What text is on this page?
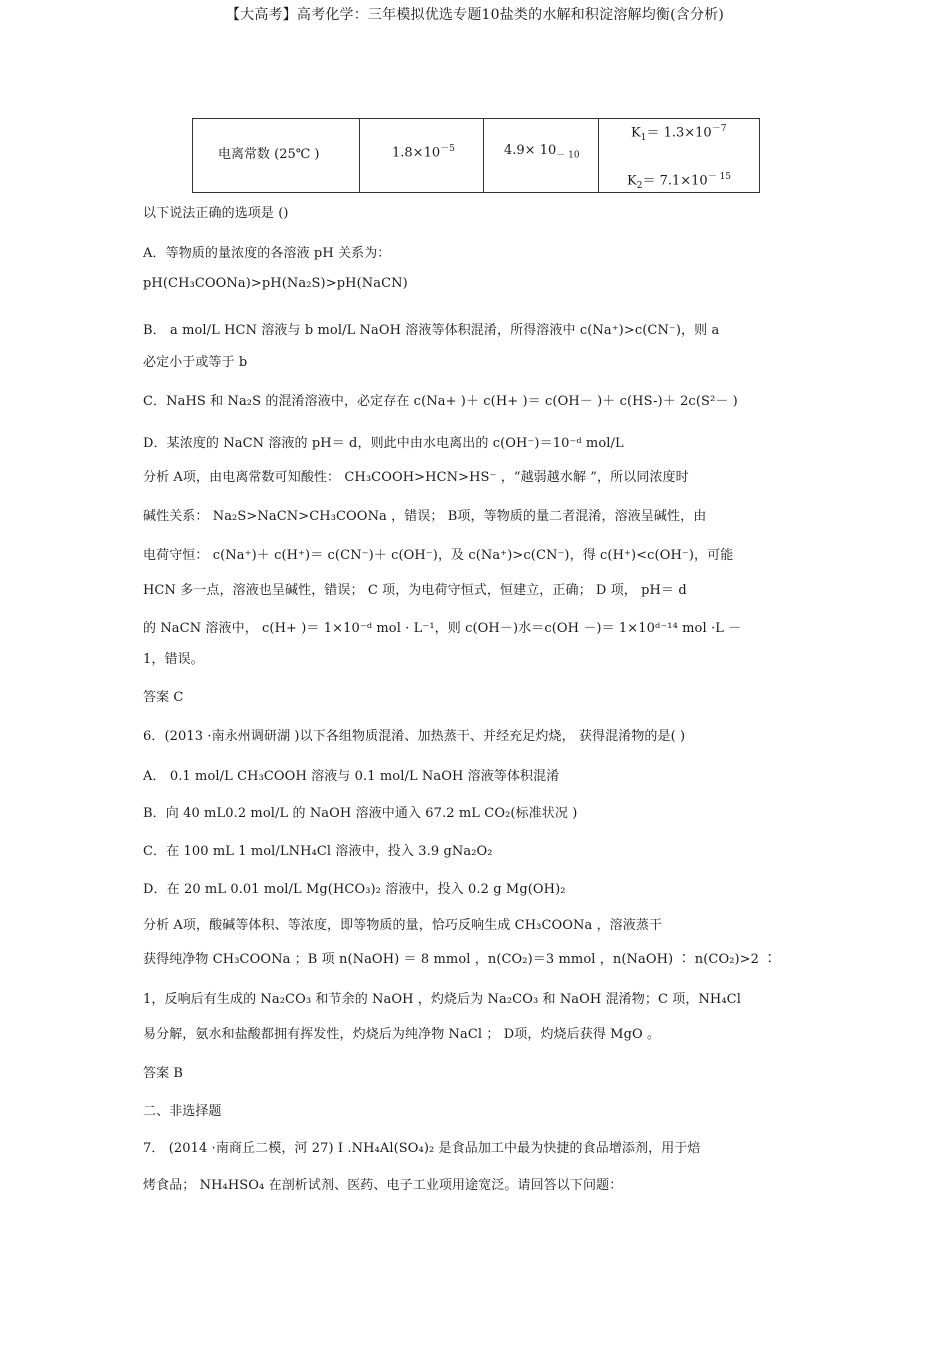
【大高考】高考化学：三年模拟优选专题10盐类的水解和积淀溶解均衡(含分析)
电离常数 (25℃ )	$1.8\times 10^{-5}$	$4.9\times 10_{- 10}$
$K_1= 1.3\times 10^{-7}$
$K_2= 7.1\times 10^{- 15}$
以下说法正确的选项是 ()
A．等物质的量浓度的各溶液 pH 关系为：
pH(CH₃COONa)>pH(Na₂S)>pH(NaCN)
B． a mol/L HCN 溶液与 b mol/L NaOH 溶液等体积混淆，所得溶液中 c(Na⁺)>c(CN⁻)，则 a
必定小于或等于 b
C．NaHS 和 Na₂S 的混淆溶液中，必定存在 c(Na+ )＋ c(H+ )＝ c(OH－ )＋ c(HS-)＋ 2c(S²－ )
D．某浓度的 NaCN 溶液的 pH＝ d，则此中由水电离出的 c(OH⁻)＝10⁻ᵈ mol/L
分析 A项，由电离常数可知酸性： CH₃COOH>HCN>HS⁻ ，“越弱越水解 ”，所以同浓度时
碱性关系： Na₂S>NaCN>CH₃COONa ，错误； B项，等物质的量二者混淆，溶液呈碱性，由
电荷守恒： c(Na⁺)＋ c(H⁺)＝ c(CN⁻)＋ c(OH⁻)，及 c(Na⁺)>c(CN⁻)，得 c(H⁺)<c(OH⁻)，可能
HCN 多一点，溶液也呈碱性，错误； C 项，为电荷守恒式，恒建立，正确； D 项， pH＝ d
的 NaCN 溶液中， c(H+ )＝ 1×10⁻ᵈ mol · L⁻¹，则 c(OH－)水＝c(OH －)＝ 1×10ᵈ⁻¹⁴ mol ·L －
1，错误。
答案 C
6．(2013 ·南永州调研湖 )以下各组物质混淆、加热蒸干、并经充足灼烧， 获得混淆物的是( )
A． 0.1 mol/L CH₃COOH 溶液与 0.1 mol/L NaOH 溶液等体积混淆
B．向 40 mL0.2 mol/L 的 NaOH 溶液中通入 67.2 mL CO₂(标准状况 )
C．在 100 mL 1 mol/LNH₄Cl 溶液中，投入 3.9 gNa₂O₂
D．在 20 mL 0.01 mol/L Mg(HCO₃)₂ 溶液中，投入 0.2 g Mg(OH)₂
分析 A项，酸碱等体积、等浓度，即等物质的量，恰巧反响生成 CH₃COONa ，溶液蒸干
获得纯净物 CH₃COONa ；B 项 n(NaOH) ＝ 8 mmol ，n(CO₂)＝3 mmol ，n(NaOH) ∶ n(CO₂)>2 ∶
1，反响后有生成的 Na₂CO₃ 和节余的 NaOH ，灼烧后为 Na₂CO₃ 和 NaOH 混淆物；C 项，NH₄Cl
易分解，氨水和盐酸都拥有挥发性，灼烧后为纯净物 NaCl ； D项，灼烧后获得 MgO 。
答案 B
二、非选择题
7． (2014 ·南商丘二模，河 27) I .NH₄Al(SO₄)₂ 是食品加工中最为快捷的食品增添剂，用于焙
烤食品； NH₄HSO₄ 在剖析试剂、医药、电子工业项用途宽泛。请回答以下问题：
